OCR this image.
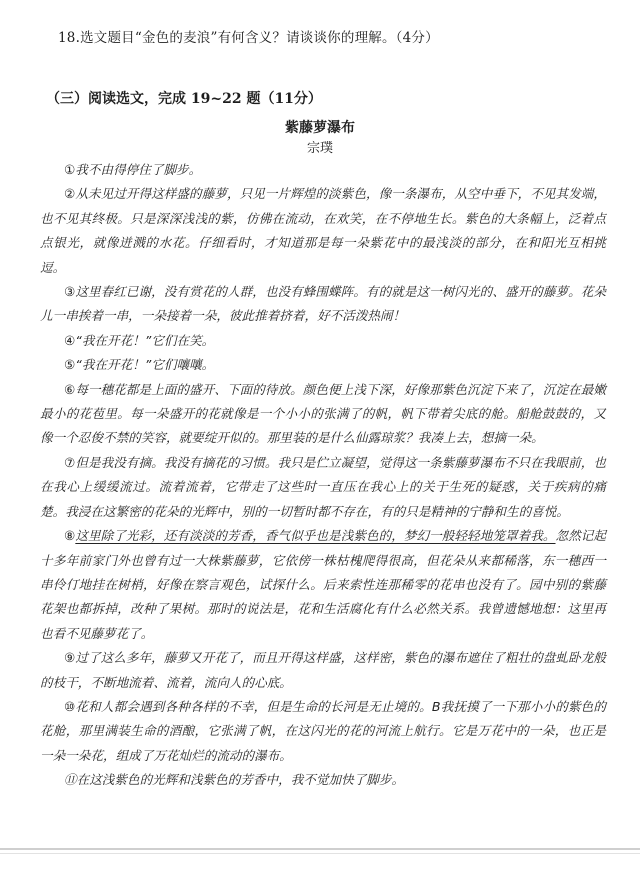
18.选文题目“金色的麦浪”有何含义？请谈谈你的理解。（4分）
（三）阅读选文，完成 19~22 题（11分）
紫藤萝瀑布
宗璞

①我不由得停住了脚步。

②从未见过开得这样盛的藤萝，只见一片辉煌的淡紫色，像一条瀑布，从空中垂下，不见其发端，也不见其终极。只是深深浅浅的紫，仿佛在流动，在欢笑，在不停地生长。紫色的大条幅上，泛着点点银光，就像迸溅的水花。仔细看时，才知道那是每一朵紫花中的最浅淡的部分，在和阳光互相挑逗。

③这里春红已谢，没有赏花的人群，也没有蜂围蝶阵。有的就是这一树闪光的、盛开的藤萝。花朵儿一串挨着一串，一朵接着一朵，彼此推着挤着，好不活泼热闹！

④“我在开花！”它们在笑。

⑤“我在开花！”它们嚷嚷。

⑥每一穗花都是上面的盛开、下面的待放。颜色便上浅下深，好像那紫色沉淀下来了，沉淀在最嫩最小的花苞里。每一朵盛开的花就像是一个小小的张满了的帆，帆下带着尖底的舱。船舱鼓鼓的，又像一个忍俊不禁的笑容，就要绽开似的。那里装的是什么仙露琼浆？我凑上去，想摘一朵。

⑦但是我没有摘。我没有摘花的习惯。我只是伫立凝望，觉得这一条紫藤萝瀑布不只在我眼前，也在我心上缓缓流过。流着流着，它带走了这些时一直压在我心上的关于生死的疑惑，关于疾病的痛楚。我浸在这繁密的花朵的光辉中，别的一切暂时都不存在，有的只是精神的宁静和生的喜悦。

⑧这里除了光彩，还有淡淡的芳香，香气似乎也是浅紫色的，梦幻一般轻轻地笼罩着我。忽然记起十多年前家门外也曾有过一大株紫藤萝，它依傍一株枯槐爬得很高，但花朵从来都稀落，东一穗西一串伶仃地挂在树梢，好像在察言观色，试探什么。后来索性连那稀零的花串也没有了。园中别的紫藤花架也都拆掉，改种了果树。那时的说法是，花和生活腐化有什么必然关系。我曾遗憾地想：这里再也看不见藤萝花了。

⑨过了这么多年，藤萝又开花了，而且开得这样盛，这样密，紫色的瀑布遮住了粗壮的盘虬卧龙般的枝干，不断地流着、流着，流向人的心底。

⑩花和人都会遇到各种各样的不幸，但是生命的长河是无止境的。B我抚摸了一下那小小的紫色的花舱，那里满装生命的酒酿，它张满了帆，在这闪光的花的河流上航行。它是万花中的一朵，也正是一朵一朵花，组成了万花灿烂的流动的瀑布。

⑪在这浅紫色的光辉和浅紫色的芳香中，我不觉加快了脚步。
